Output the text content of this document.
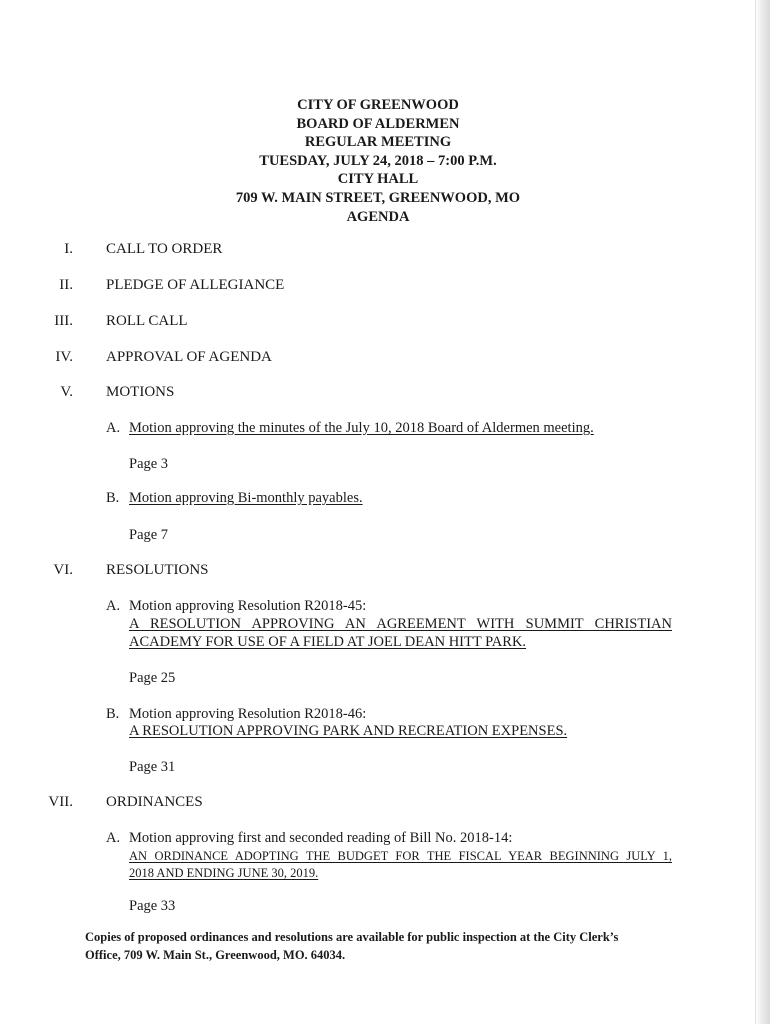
CITY OF GREENWOOD
BOARD OF ALDERMEN
REGULAR MEETING
TUESDAY, JULY 24, 2018 – 7:00 P.M.
CITY HALL
709 W. MAIN STREET, GREENWOOD, MO
AGENDA
I. CALL TO ORDER
II. PLEDGE OF ALLEGIANCE
III. ROLL CALL
IV. APPROVAL OF AGENDA
V. MOTIONS
A. Motion approving the minutes of the July 10, 2018 Board of Aldermen meeting.
Page 3
B. Motion approving Bi-monthly payables.
Page 7
VI. RESOLUTIONS
A. Motion approving Resolution R2018-45:
A RESOLUTION APPROVING AN AGREEMENT WITH SUMMIT CHRISTIAN
ACADEMY FOR USE OF A FIELD AT JOEL DEAN HITT PARK.
Page 25
B. Motion approving Resolution R2018-46:
A RESOLUTION APPROVING PARK AND RECREATION EXPENSES.
Page 31
VII. ORDINANCES
A. Motion approving first and seconded reading of Bill No. 2018-14:
AN ORDINANCE ADOPTING THE BUDGET FOR THE FISCAL YEAR BEGINNING JULY 1,
2018 AND ENDING JUNE 30, 2019.
Page 33
Copies of proposed ordinances and resolutions are available for public inspection at the City Clerk’s
Office, 709 W. Main St., Greenwood, MO. 64034.
